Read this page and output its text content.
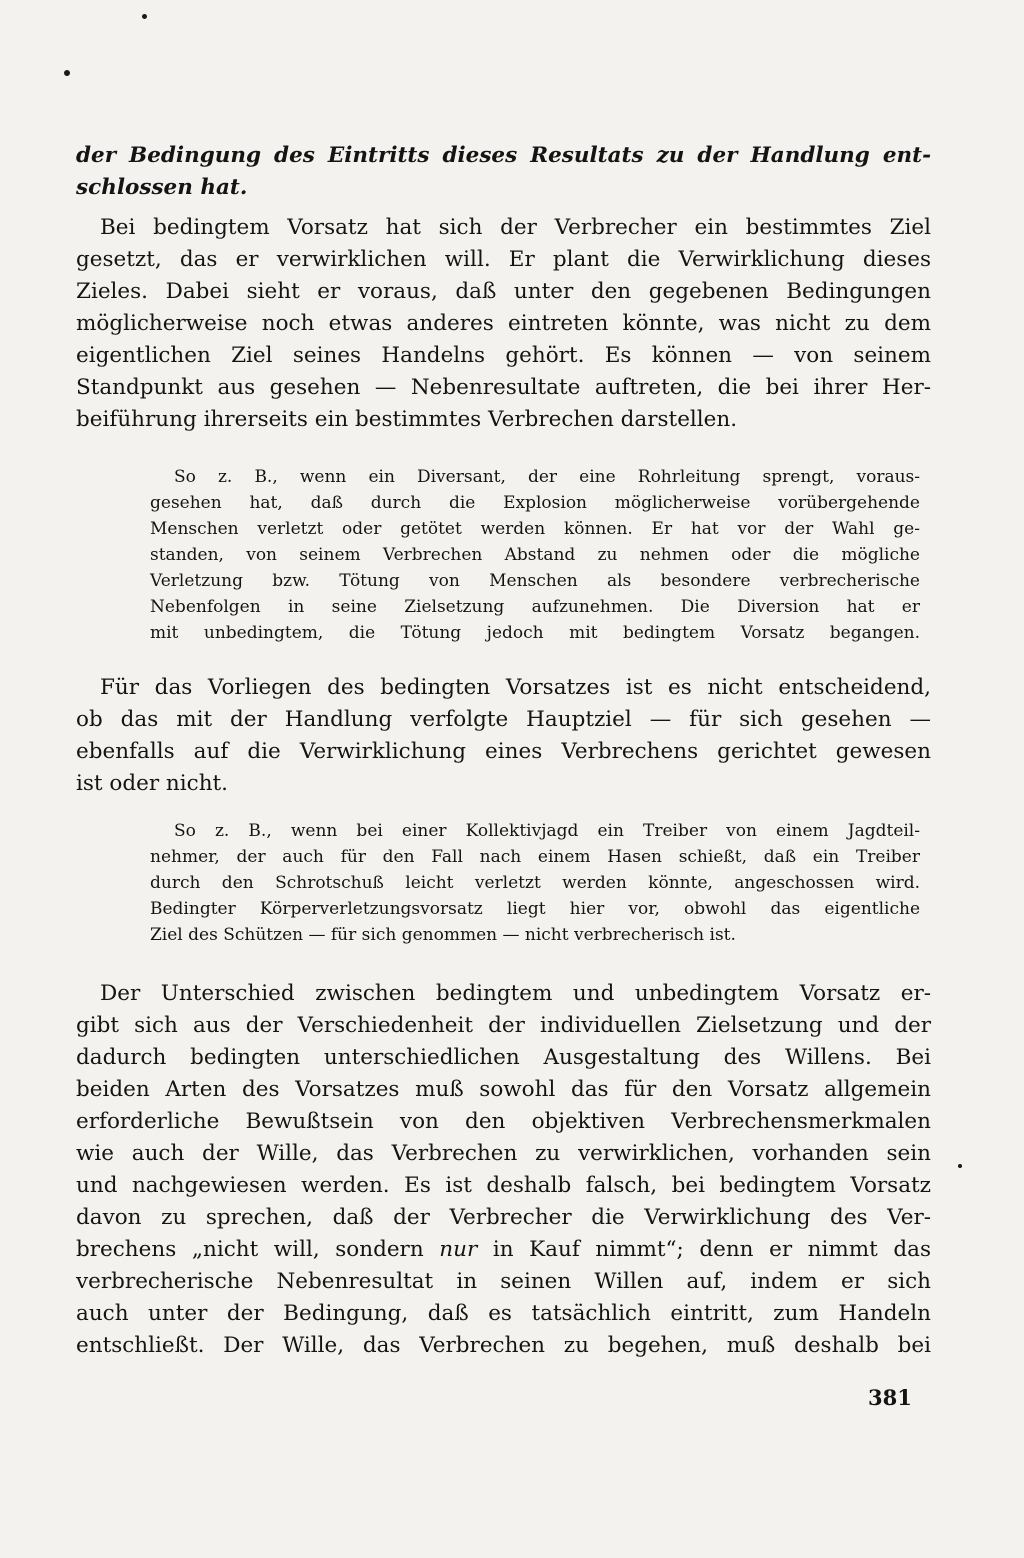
der Bedingung des Eintritts dieses Resultats zu der Handlung ent-
schlossen hat.
Bei bedingtem Vorsatz hat sich der Verbrecher ein bestimmtes Ziel
gesetzt, das er verwirklichen will. Er plant die Verwirklichung dieses
Zieles. Dabei sieht er voraus, daß unter den gegebenen Bedingungen
möglicherweise noch etwas anderes eintreten könnte, was nicht zu dem
eigentlichen Ziel seines Handelns gehört. Es können — von seinem
Standpunkt aus gesehen — Nebenresultate auftreten, die bei ihrer Her-
beiführung ihrerseits ein bestimmtes Verbrechen darstellen.
So z. B., wenn ein Diversant, der eine Rohrleitung sprengt, voraus-
gesehen hat, daß durch die Explosion möglicherweise vorübergehende
Menschen verletzt oder getötet werden können. Er hat vor der Wahl ge-
standen, von seinem Verbrechen Abstand zu nehmen oder die mögliche
Verletzung bzw. Tötung von Menschen als besondere verbrecherische
Nebenfolgen in seine Zielsetzung aufzunehmen. Die Diversion hat er
mit unbedingtem, die Tötung jedoch mit bedingtem Vorsatz begangen.
Für das Vorliegen des bedingten Vorsatzes ist es nicht entscheidend,
ob das mit der Handlung verfolgte Hauptziel — für sich gesehen —
ebenfalls auf die Verwirklichung eines Verbrechens gerichtet gewesen
ist oder nicht.
So z. B., wenn bei einer Kollektivjagd ein Treiber von einem Jagdteil-
nehmer, der auch für den Fall nach einem Hasen schießt, daß ein Treiber
durch den Schrotschuß leicht verletzt werden könnte, angeschossen wird.
Bedingter Körperverletzungsvorsatz liegt hier vor, obwohl das eigentliche
Ziel des Schützen — für sich genommen — nicht verbrecherisch ist.
Der Unterschied zwischen bedingtem und unbedingtem Vorsatz er-
gibt sich aus der Verschiedenheit der individuellen Zielsetzung und der
dadurch bedingten unterschiedlichen Ausgestaltung des Willens. Bei
beiden Arten des Vorsatzes muß sowohl das für den Vorsatz allgemein
erforderliche Bewußtsein von den objektiven Verbrechensmerkmalen
wie auch der Wille, das Verbrechen zu verwirklichen, vorhanden sein
und nachgewiesen werden. Es ist deshalb falsch, bei bedingtem Vorsatz
davon zu sprechen, daß der Verbrecher die Verwirklichung des Ver-
brechens „nicht will, sondern nur in Kauf nimmt“; denn er nimmt das
verbrecherische Nebenresultat in seinen Willen auf, indem er sich
auch unter der Bedingung, daß es tatsächlich eintritt, zum Handeln
entschließt. Der Wille, das Verbrechen zu begehen, muß deshalb bei
381
